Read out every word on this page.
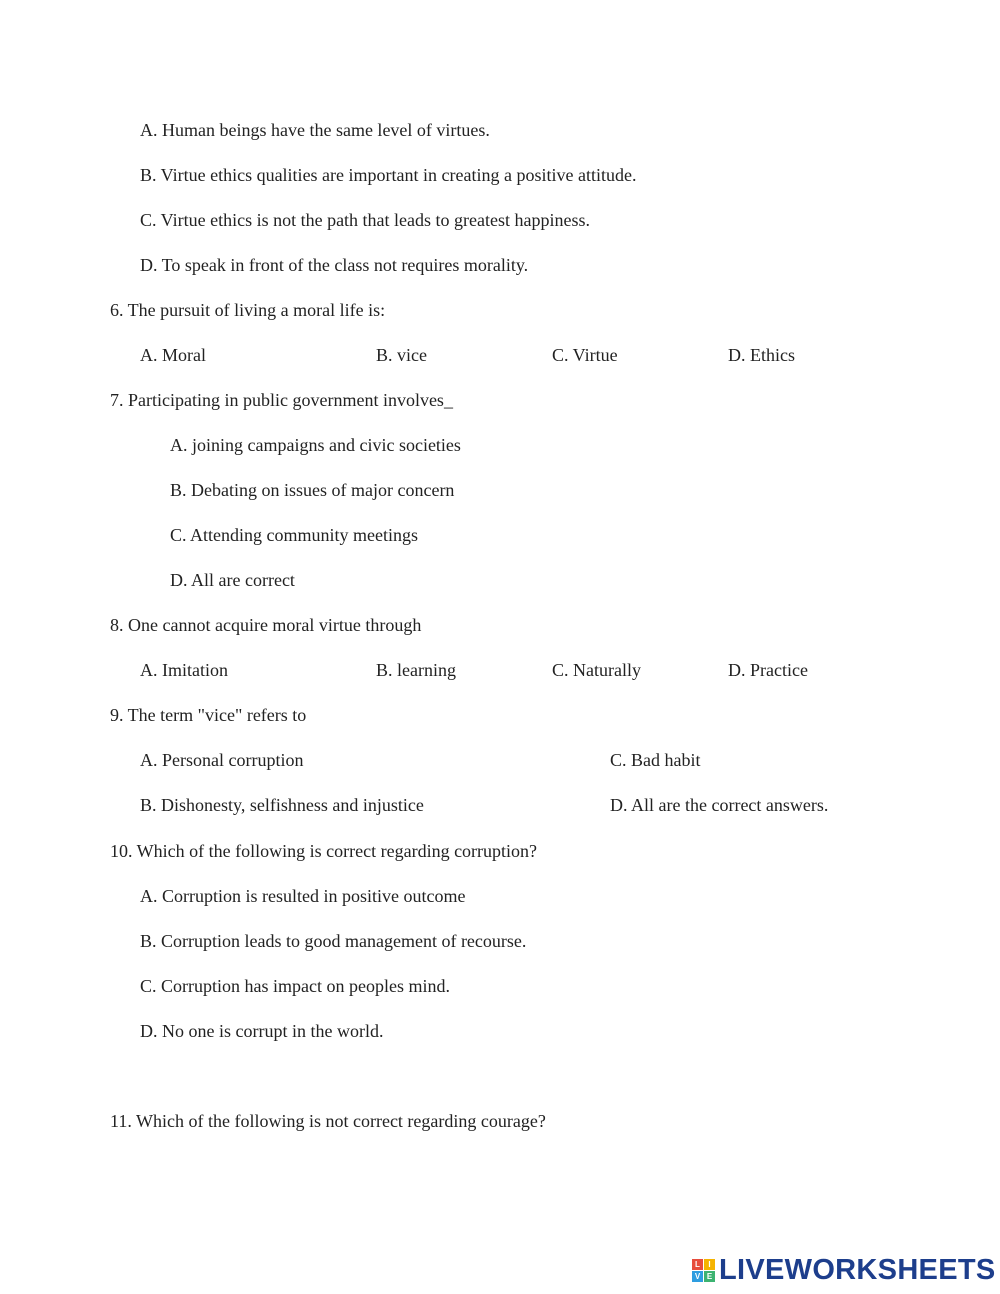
A. Human beings have the same level of virtues.
B. Virtue ethics qualities are important in creating a positive attitude.
C. Virtue ethics is not the path that leads to greatest happiness.
D. To speak in front of the class not requires morality.
6. The pursuit of living a moral life is:
A. Moral	B. vice	C. Virtue	D. Ethics
7. Participating in public government involves_
A. joining campaigns and civic societies
B. Debating on issues of major concern
C. Attending community meetings
D. All are correct
8. One cannot acquire moral virtue through
A. Imitation	B. learning	C. Naturally	D. Practice
9. The term "vice" refers to
A. Personal corruption	C. Bad habit
B. Dishonesty, selfishness and injustice	D. All are the correct answers.
10. Which of the following is correct regarding corruption?
A. Corruption is resulted in positive outcome
B. Corruption leads to good management of recourse.
C. Corruption has impact on peoples mind.
D. No one is corrupt in the world.
11. Which of the following is not correct regarding courage?
L	I
V E LIVEWORKSHEETS
